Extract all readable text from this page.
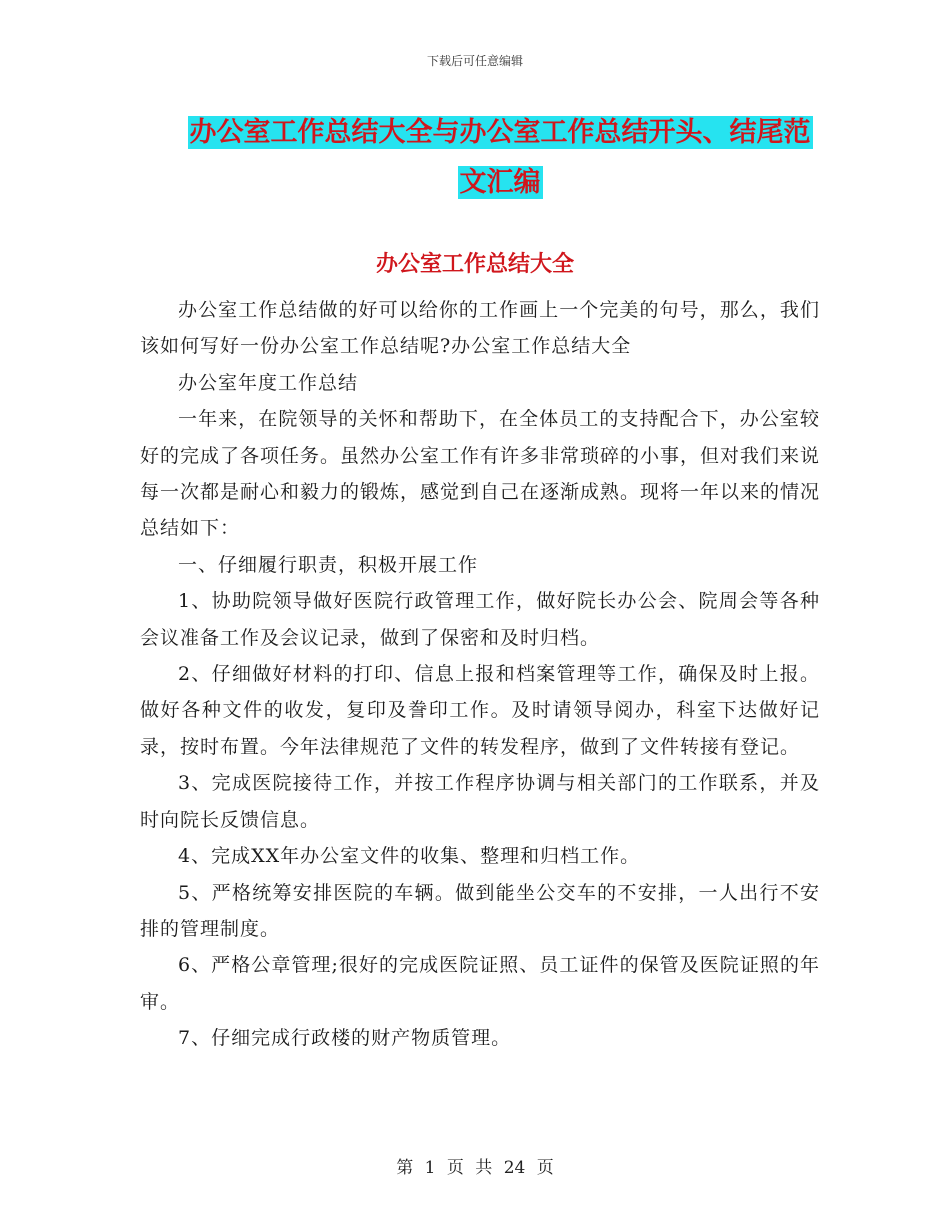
下载后可任意编辑
办公室工作总结大全与办公室工作总结开头、结尾范
文汇编
办公室工作总结大全

办公室工作总结做的好可以给你的工作画上一个完美的句号，那么，我们该如何写好一份办公室工作总结呢?办公室工作总结大全

办公室年度工作总结

一年来，在院领导的关怀和帮助下，在全体员工的支持配合下，办公室较好的完成了各项任务。虽然办公室工作有许多非常琐碎的小事，但对我们来说每一次都是耐心和毅力的锻炼，感觉到自己在逐渐成熟。现将一年以来的情况总结如下：

一、仔细履行职责，积极开展工作

1、协助院领导做好医院行政管理工作，做好院长办公会、院周会等各种会议准备工作及会议记录，做到了保密和及时归档。

2、仔细做好材料的打印、信息上报和档案管理等工作，确保及时上报。做好各种文件的收发，复印及誊印工作。及时请领导阅办，科室下达做好记录，按时布置。今年法律规范了文件的转发程序，做到了文件转接有登记。

3、完成医院接待工作，并按工作程序协调与相关部门的工作联系，并及时向院长反馈信息。

4、完成XX年办公室文件的收集、整理和归档工作。

5、严格统筹安排医院的车辆。做到能坐公交车的不安排，一人出行不安排的管理制度。

6、严格公章管理;很好的完成医院证照、员工证件的保管及医院证照的年审。

7、仔细完成行政楼的财产物质管理。

第 1 页 共 24 页
